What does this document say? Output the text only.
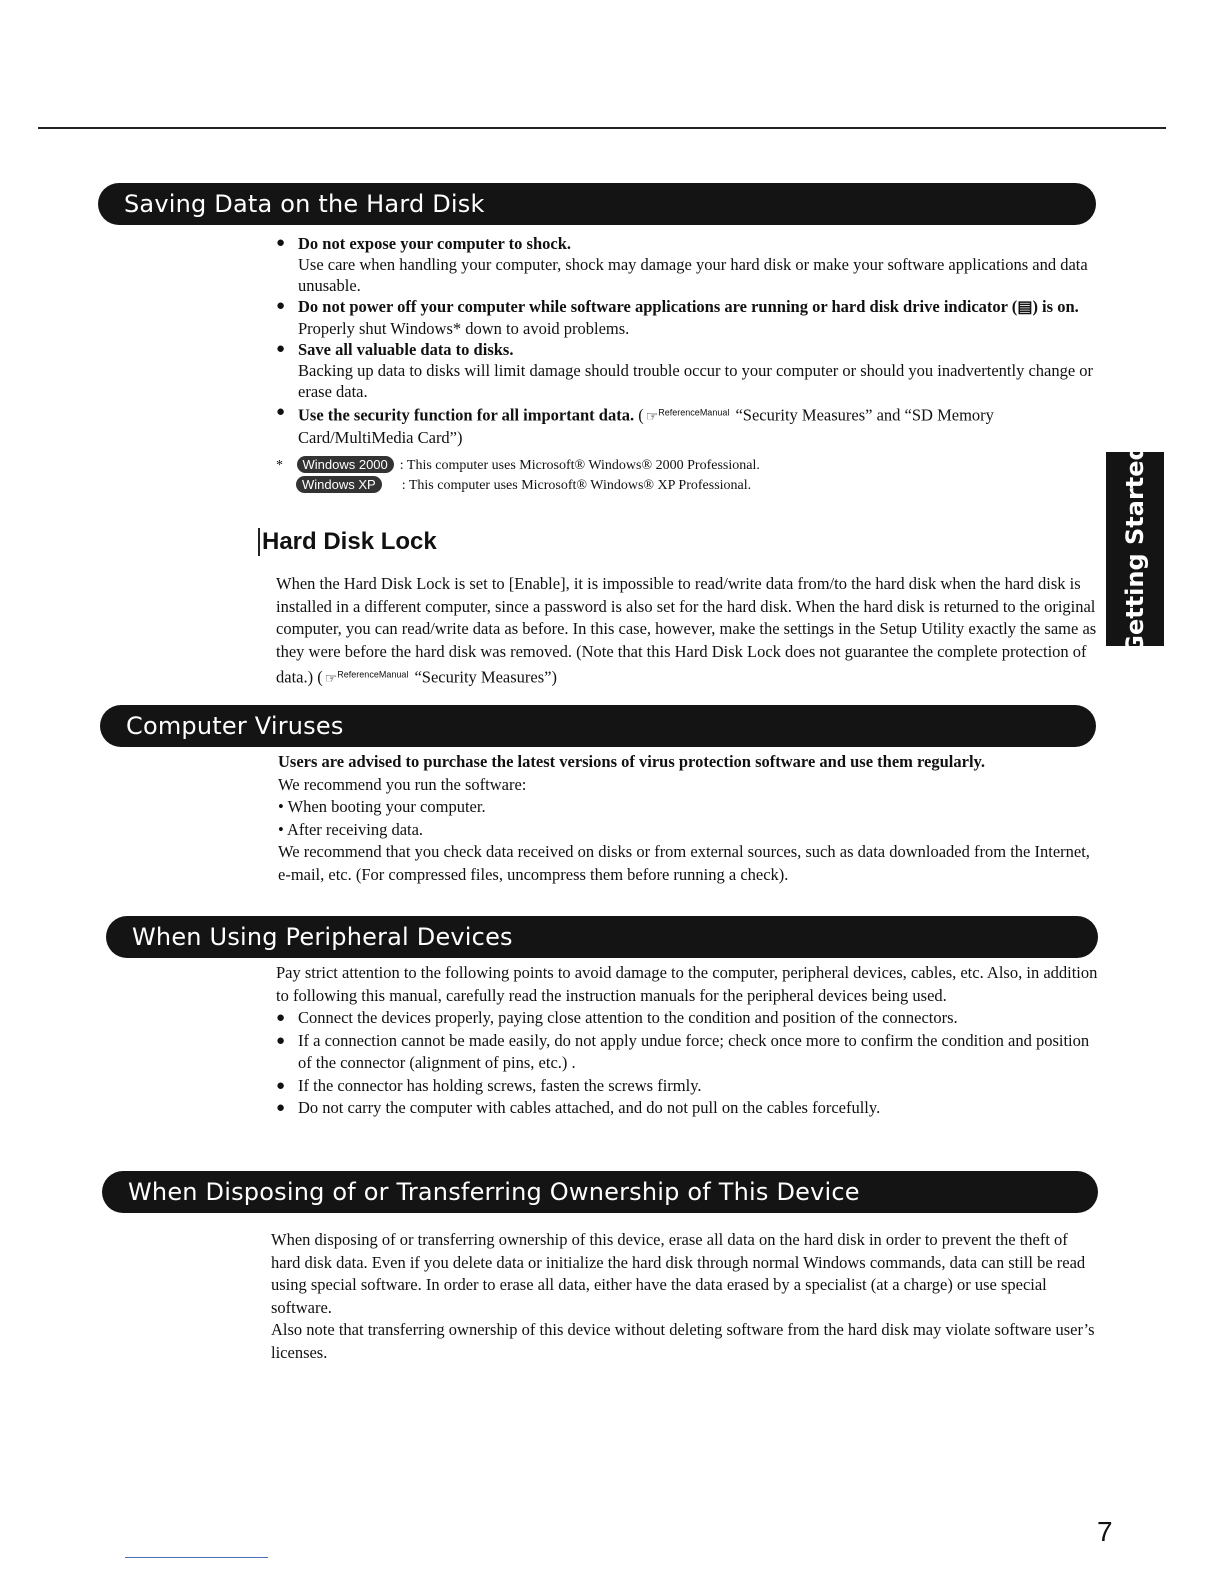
Saving Data on the Hard Disk

● Do not expose your computer to shock.

Use care when handling your computer, shock may damage your hard disk or make your software applications and data unusable.

● Do not power off your computer while software applications are running or hard disk drive indicator (▤) is on.

Properly shut Windows* down to avoid problems.

● Save all valuable data to disks.

Backing up data to disks will limit damage should trouble occur to your computer or should you inadvertently change or erase data.

● Use the security function for all important data. ( ☞$^{ReferenceManual}$ “Security Measures” and “SD Memory Card/MultiMedia Card”)

* Windows 2000 : This computer uses Microsoft® Windows® 2000 Professional.
Windows XP : This computer uses Microsoft® Windows® XP Professional.
Hard Disk Lock

When the Hard Disk Lock is set to [Enable], it is impossible to read/write data from/to the hard disk when the hard disk is installed in a different computer, since a password is also set for the hard disk. When the hard disk is returned to the original computer, you can read/write data as before. In this case, however, make the settings in the Setup Utility exactly the same as they were before the hard disk was removed. (Note that this Hard Disk Lock does not guarantee the complete protection of data.) ( ☞$^{ReferenceManual}$ “Security Measures”)

Computer Viruses

Users are advised to purchase the latest versions of virus protection software and use them regularly.

We recommend you run the software:

• When booting your computer.

• After receiving data.

We recommend that you check data received on disks or from external sources, such as data downloaded from the Internet, e-mail, etc. (For compressed files, uncompress them before running a check).

When Using Peripheral Devices

Pay strict attention to the following points to avoid damage to the computer, peripheral devices, cables, etc. Also, in addition to following this manual, carefully read the instruction manuals for the peripheral devices being used.

● Connect the devices properly, paying close attention to the condition and position of the connectors.

● If a connection cannot be made easily, do not apply undue force; check once more to confirm the condition and position of the connector (alignment of pins, etc.) .

● If the connector has holding screws, fasten the screws firmly.

● Do not carry the computer with cables attached, and do not pull on the cables forcefully.

When Disposing of or Transferring Ownership of This Device

When disposing of or transferring ownership of this device, erase all data on the hard disk in order to prevent the theft of hard disk data. Even if you delete data or initialize the hard disk through normal Windows commands, data can still be read using special software. In order to erase all data, either have the data erased by a specialist (at a charge) or use special software.

Also note that transferring ownership of this device without deleting software from the hard disk may violate software user’s licenses.

Getting Started
7
